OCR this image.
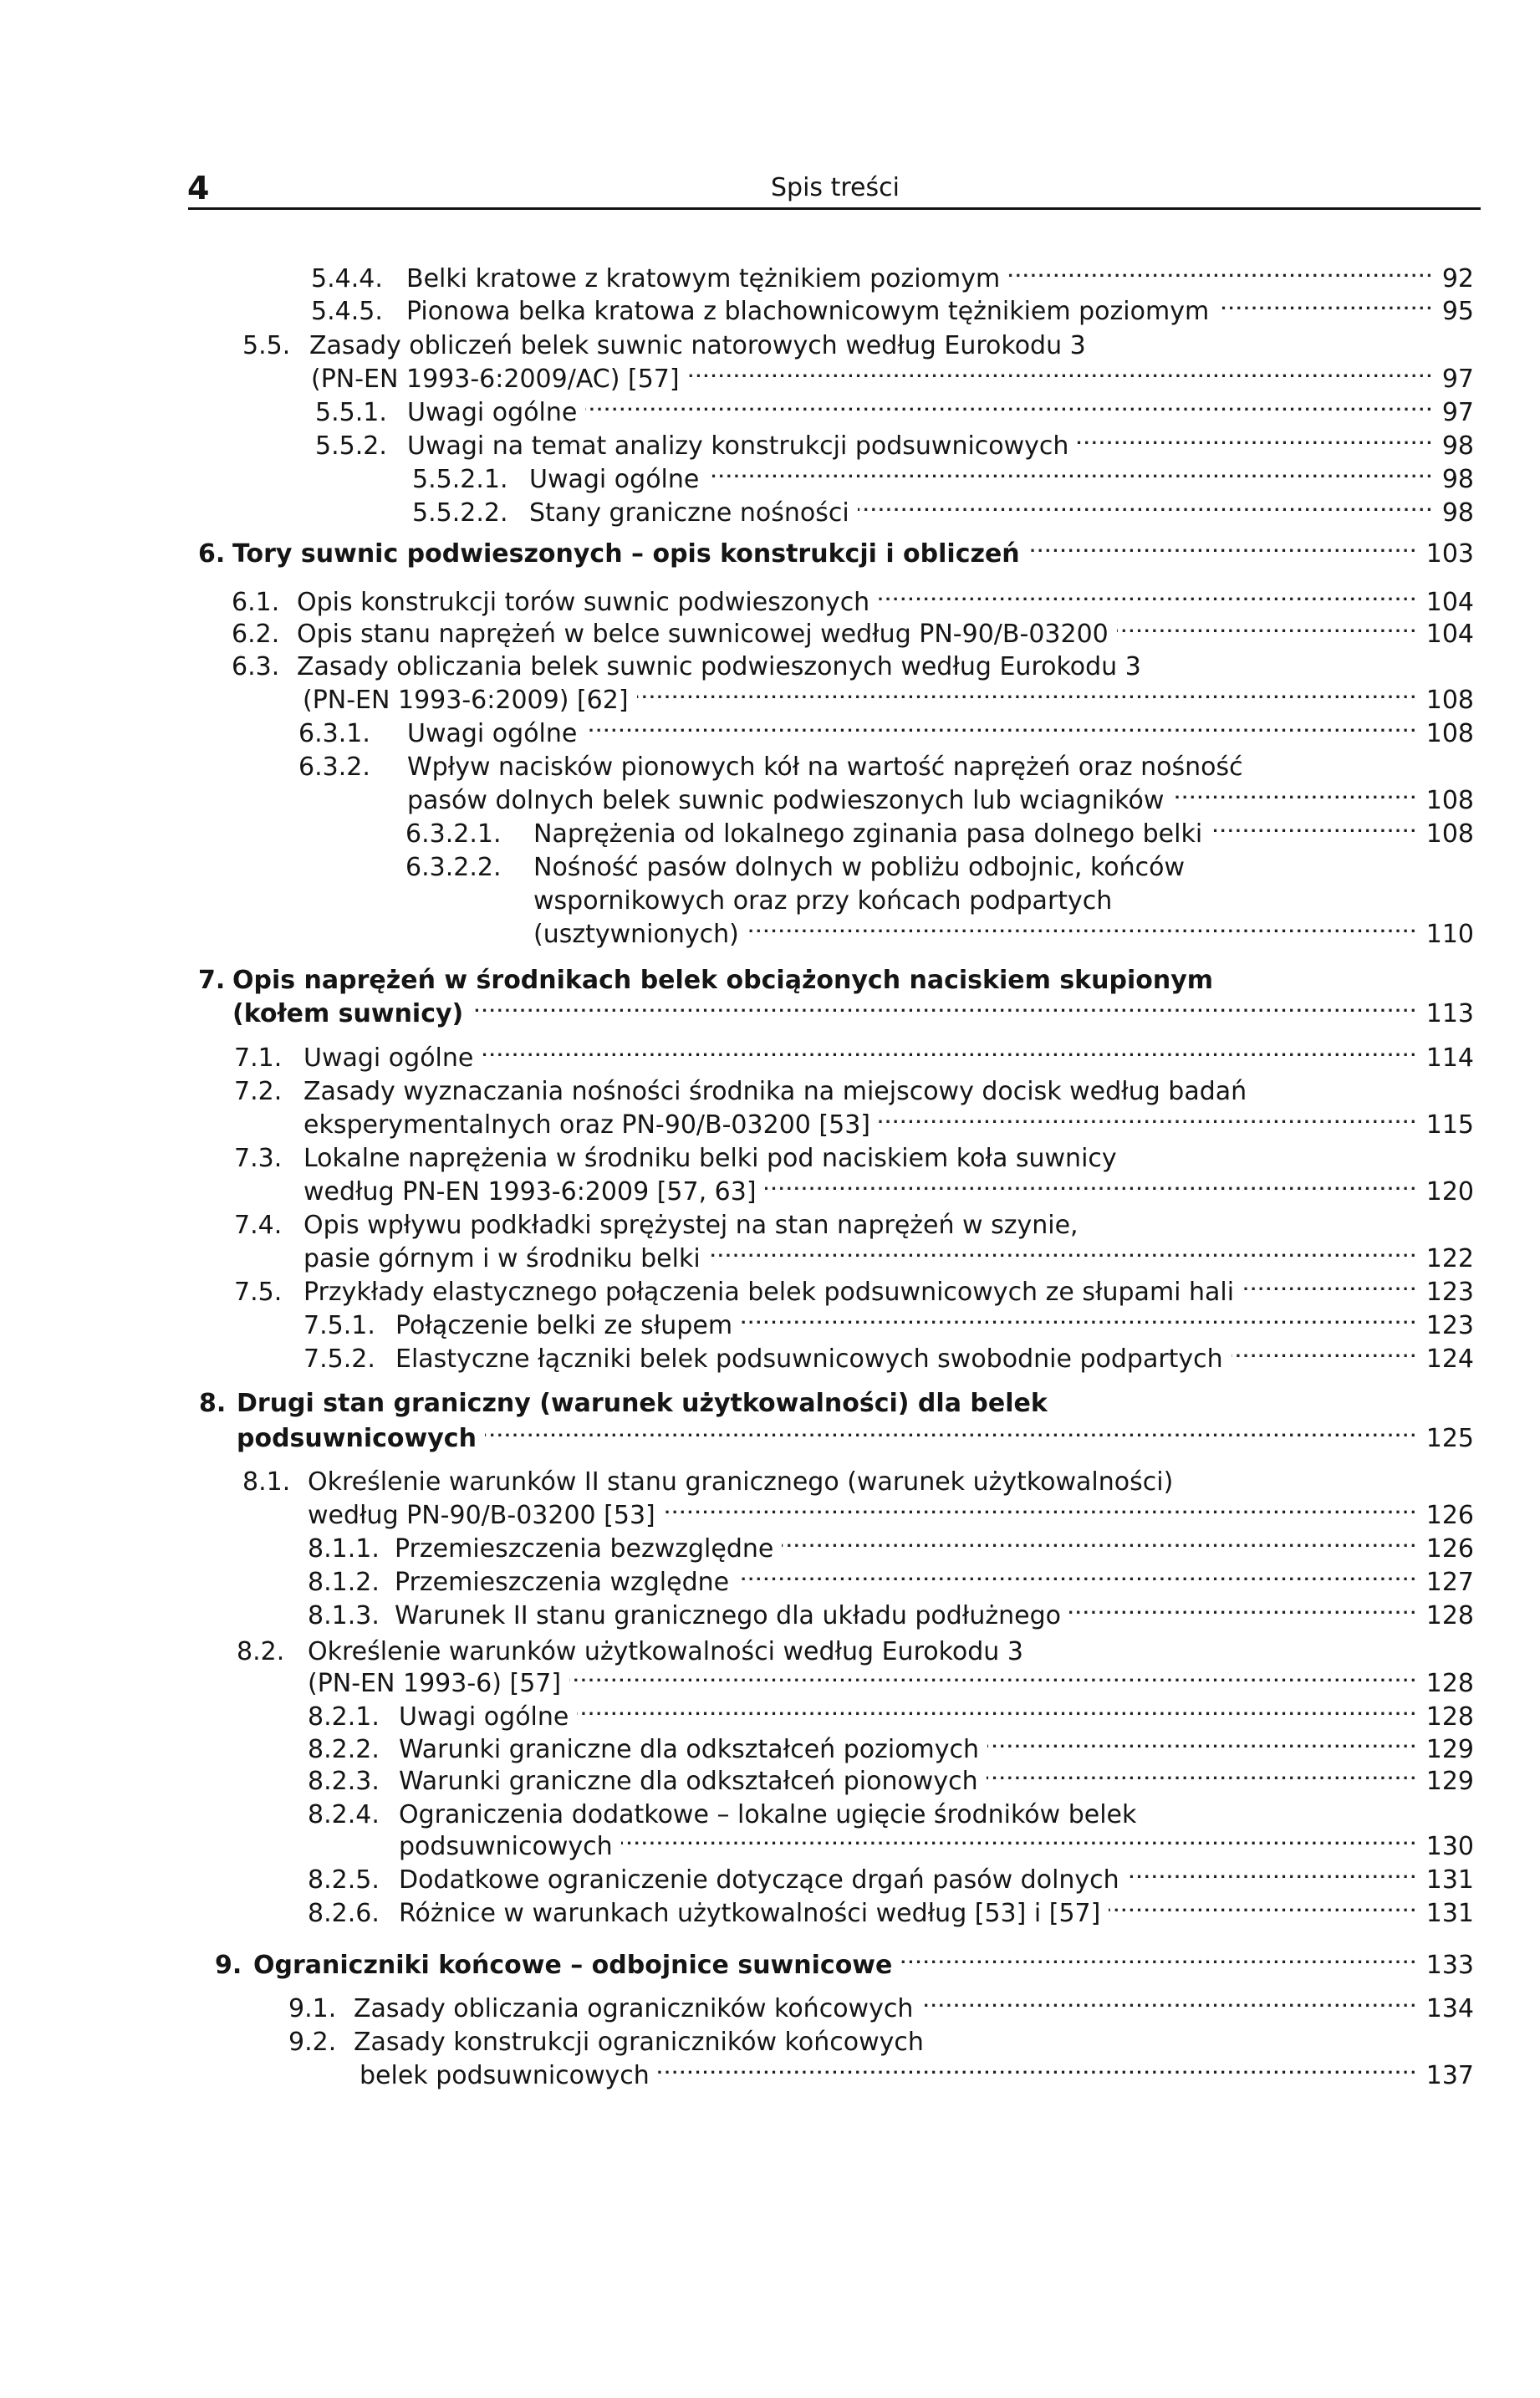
4	Spis treści
5.4.4. Belki kratowe z kratowym tężnikiem poziomym . . .	92
5.4.5. Pionowa belka kratowa z blachownicowym tężnikiem poziomym . . .	95
5.5. Zasady obliczeń belek suwnic natorowych według Eurokodu 3
(PN-EN 1993-6:2009/AC) [57] . . .	97
5.5.1. Uwagi ogólne . . .	97
5.5.2. Uwagi na temat analizy konstrukcji podsuwnicowych . . .	98
5.5.2.1. Uwagi ogólne . . .	98
5.5.2.2. Stany graniczne nośności . . .	98
6. Tory suwnic podwieszonych – opis konstrukcji i obliczeń . . .	103
6.1. Opis konstrukcji torów suwnic podwieszonych . . .	104
6.2. Opis stanu naprężeń w belce suwnicowej według PN-90/B-03200 . . .	104
6.3. Zasady obliczania belek suwnic podwieszonych według Eurokodu 3
(PN-EN 1993-6:2009) [62] . . .	108
6.3.1.	Uwagi ogólne . . .	108
6.3.2.	Wpływ nacisków pionowych kół na wartość naprężeń oraz nośność
pasów dolnych belek suwnic podwieszonych lub wciagników . . .	108
6.3.2.1.	Naprężenia od lokalnego zginania pasa dolnego belki . . .	108
6.3.2.2.	Nośność pasów dolnych w pobliżu odbojnic, końców
wspornikowych oraz przy końcach podpartych
(usztywnionych) . . .	110
7. Opis naprężeń w środnikach belek obciążonych naciskiem skupionym
(kołem suwnicy) . . .	113
7.1. Uwagi ogólne . . .	114
7.2. Zasady wyznaczania nośności środnika na miejscowy docisk według badań
eksperymentalnych oraz PN-90/B-03200 [53] . . .	115
7.3. Lokalne naprężenia w środniku belki pod naciskiem koła suwnicy
według PN-EN 1993-6:2009 [57, 63] . . .	120
7.4. Opis wpływu podkładki sprężystej na stan naprężeń w szynie,
pasie górnym i w środniku belki . . .	122
7.5. Przykłady elastycznego połączenia belek podsuwnicowych ze słupami hali . . .	123
7.5.1. Połączenie belki ze słupem . . .	123
7.5.2. Elastyczne łączniki belek podsuwnicowych swobodnie podpartych . . .	124
8. Drugi stan graniczny (warunek użytkowalności) dla belek
podsuwnicowych . . .	125
8.1. Określenie warunków II stanu granicznego (warunek użytkowalności)
według PN-90/B-03200 [53] . . .	126
8.1.1. Przemieszczenia bezwzględne . . .	126
8.1.2. Przemieszczenia względne . . .	127
8.1.3. Warunek II stanu granicznego dla układu podłużnego . . .	128
8.2. Określenie warunków użytkowalności według Eurokodu 3
(PN-EN 1993-6) [57] . . .	128
8.2.1. Uwagi ogólne . . .	128
8.2.2. Warunki graniczne dla odkształceń poziomych . . .	129
8.2.3. Warunki graniczne dla odkształceń pionowych . . .	129
8.2.4. Ograniczenia dodatkowe – lokalne ugięcie środników belek
podsuwnicowych . . .	130
8.2.5. Dodatkowe ograniczenie dotyczące drgań pasów dolnych . . .	131
8.2.6. Różnice w warunkach użytkowalności według [53] i [57] . . .	131
9. Ograniczniki końcowe – odbojnice suwnicowe . . .	133
9.1. Zasady obliczania ograniczników końcowych . . .	134
9.2. Zasady konstrukcji ograniczników końcowych
belek podsuwnicowych . . .	137
